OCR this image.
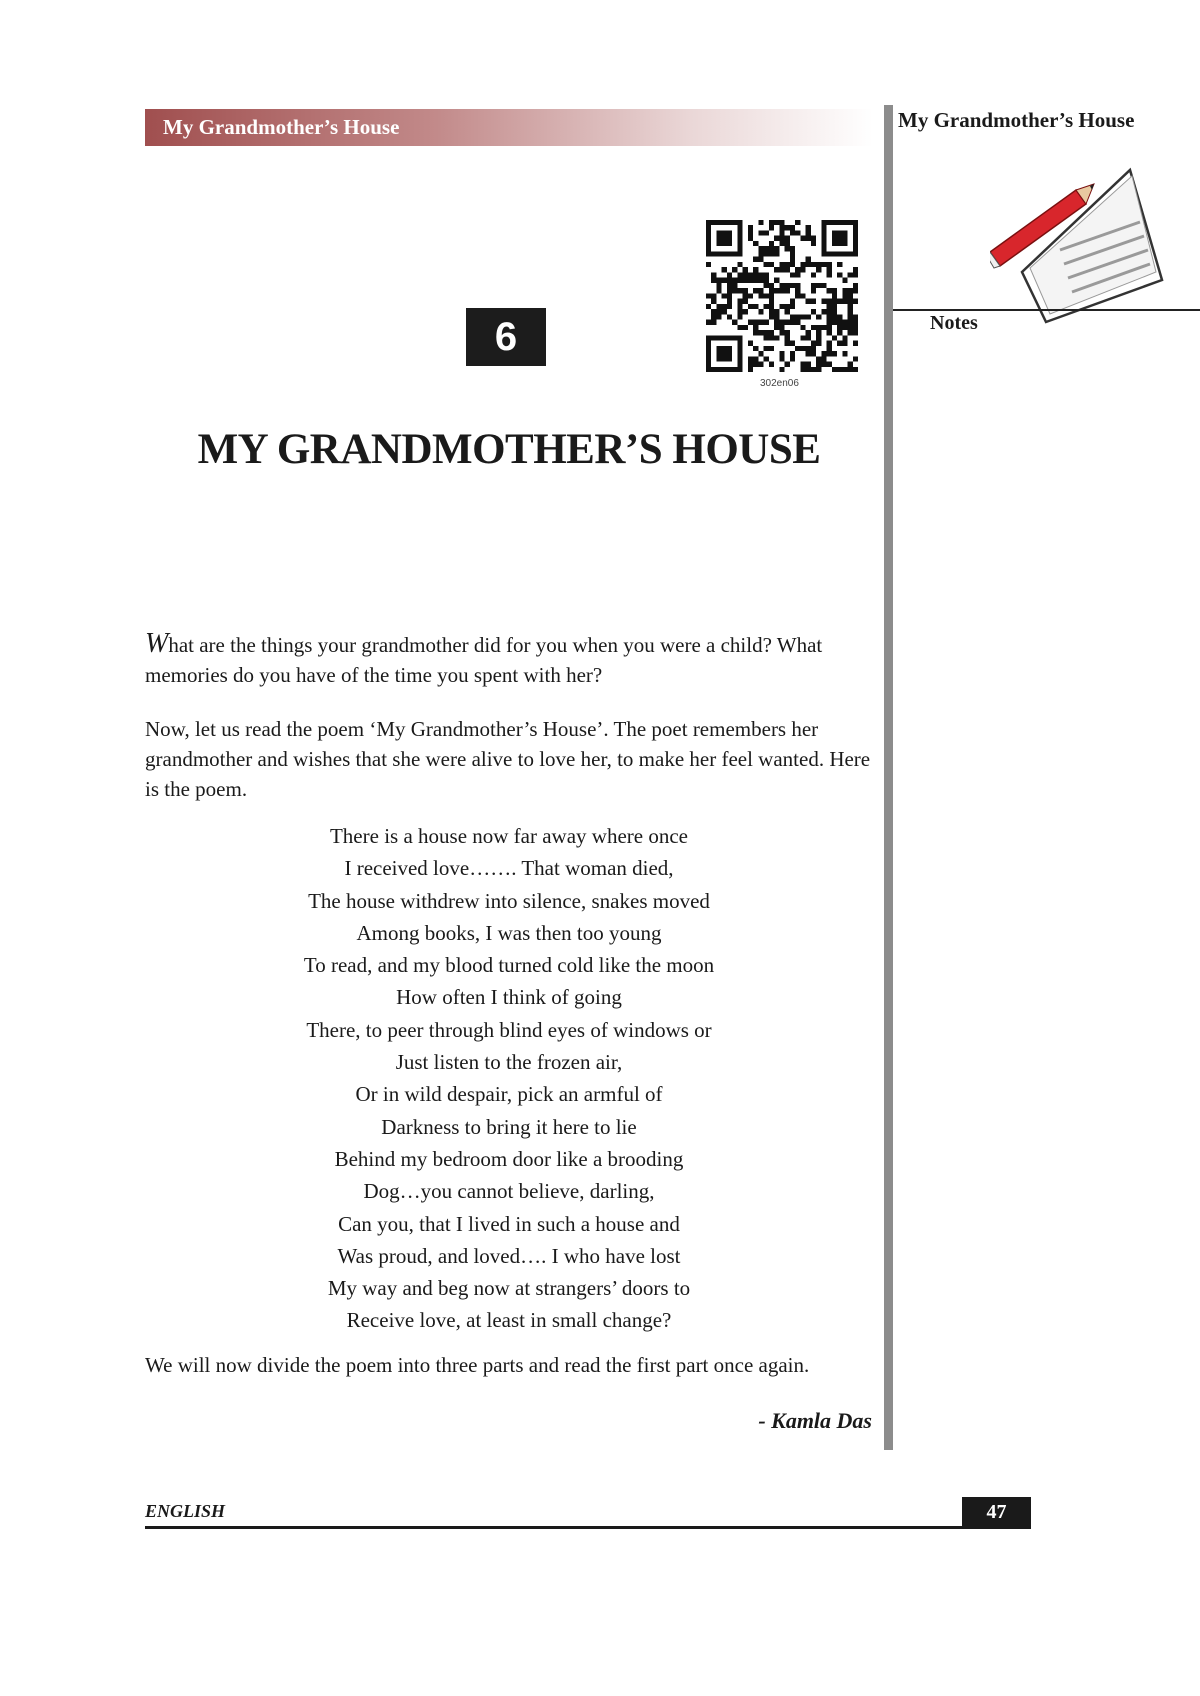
My Grandmother’s House	My Grandmother’s House
Notes
6
302en06
MY GRANDMOTHER’S HOUSE

What are the things your grandmother did for you when you were a child? What memories do you have of the time you spent with her?

Now, let us read the poem ‘My Grandmother’s House’. The poet remembers her grandmother and wishes that she were alive to love her, to make her feel wanted. Here is the poem.

There is a house now far away where once
I received love……. That woman died,
The house withdrew into silence, snakes moved
Among books, I was then too young
To read, and my blood turned cold like the moon
How often I think of going
There, to peer through blind eyes of windows or
Just listen to the frozen air,
Or in wild despair, pick an armful of
Darkness to bring it here to lie
Behind my bedroom door like a brooding
Dog…you cannot believe, darling,
Can you, that I lived in such a house and
Was proud, and loved…. I who have lost
My way and beg now at strangers’ doors to
Receive love, at least in small change?

We will now divide the poem into three parts and read the first part once again.

- Kamla Das
ENGLISH	47
